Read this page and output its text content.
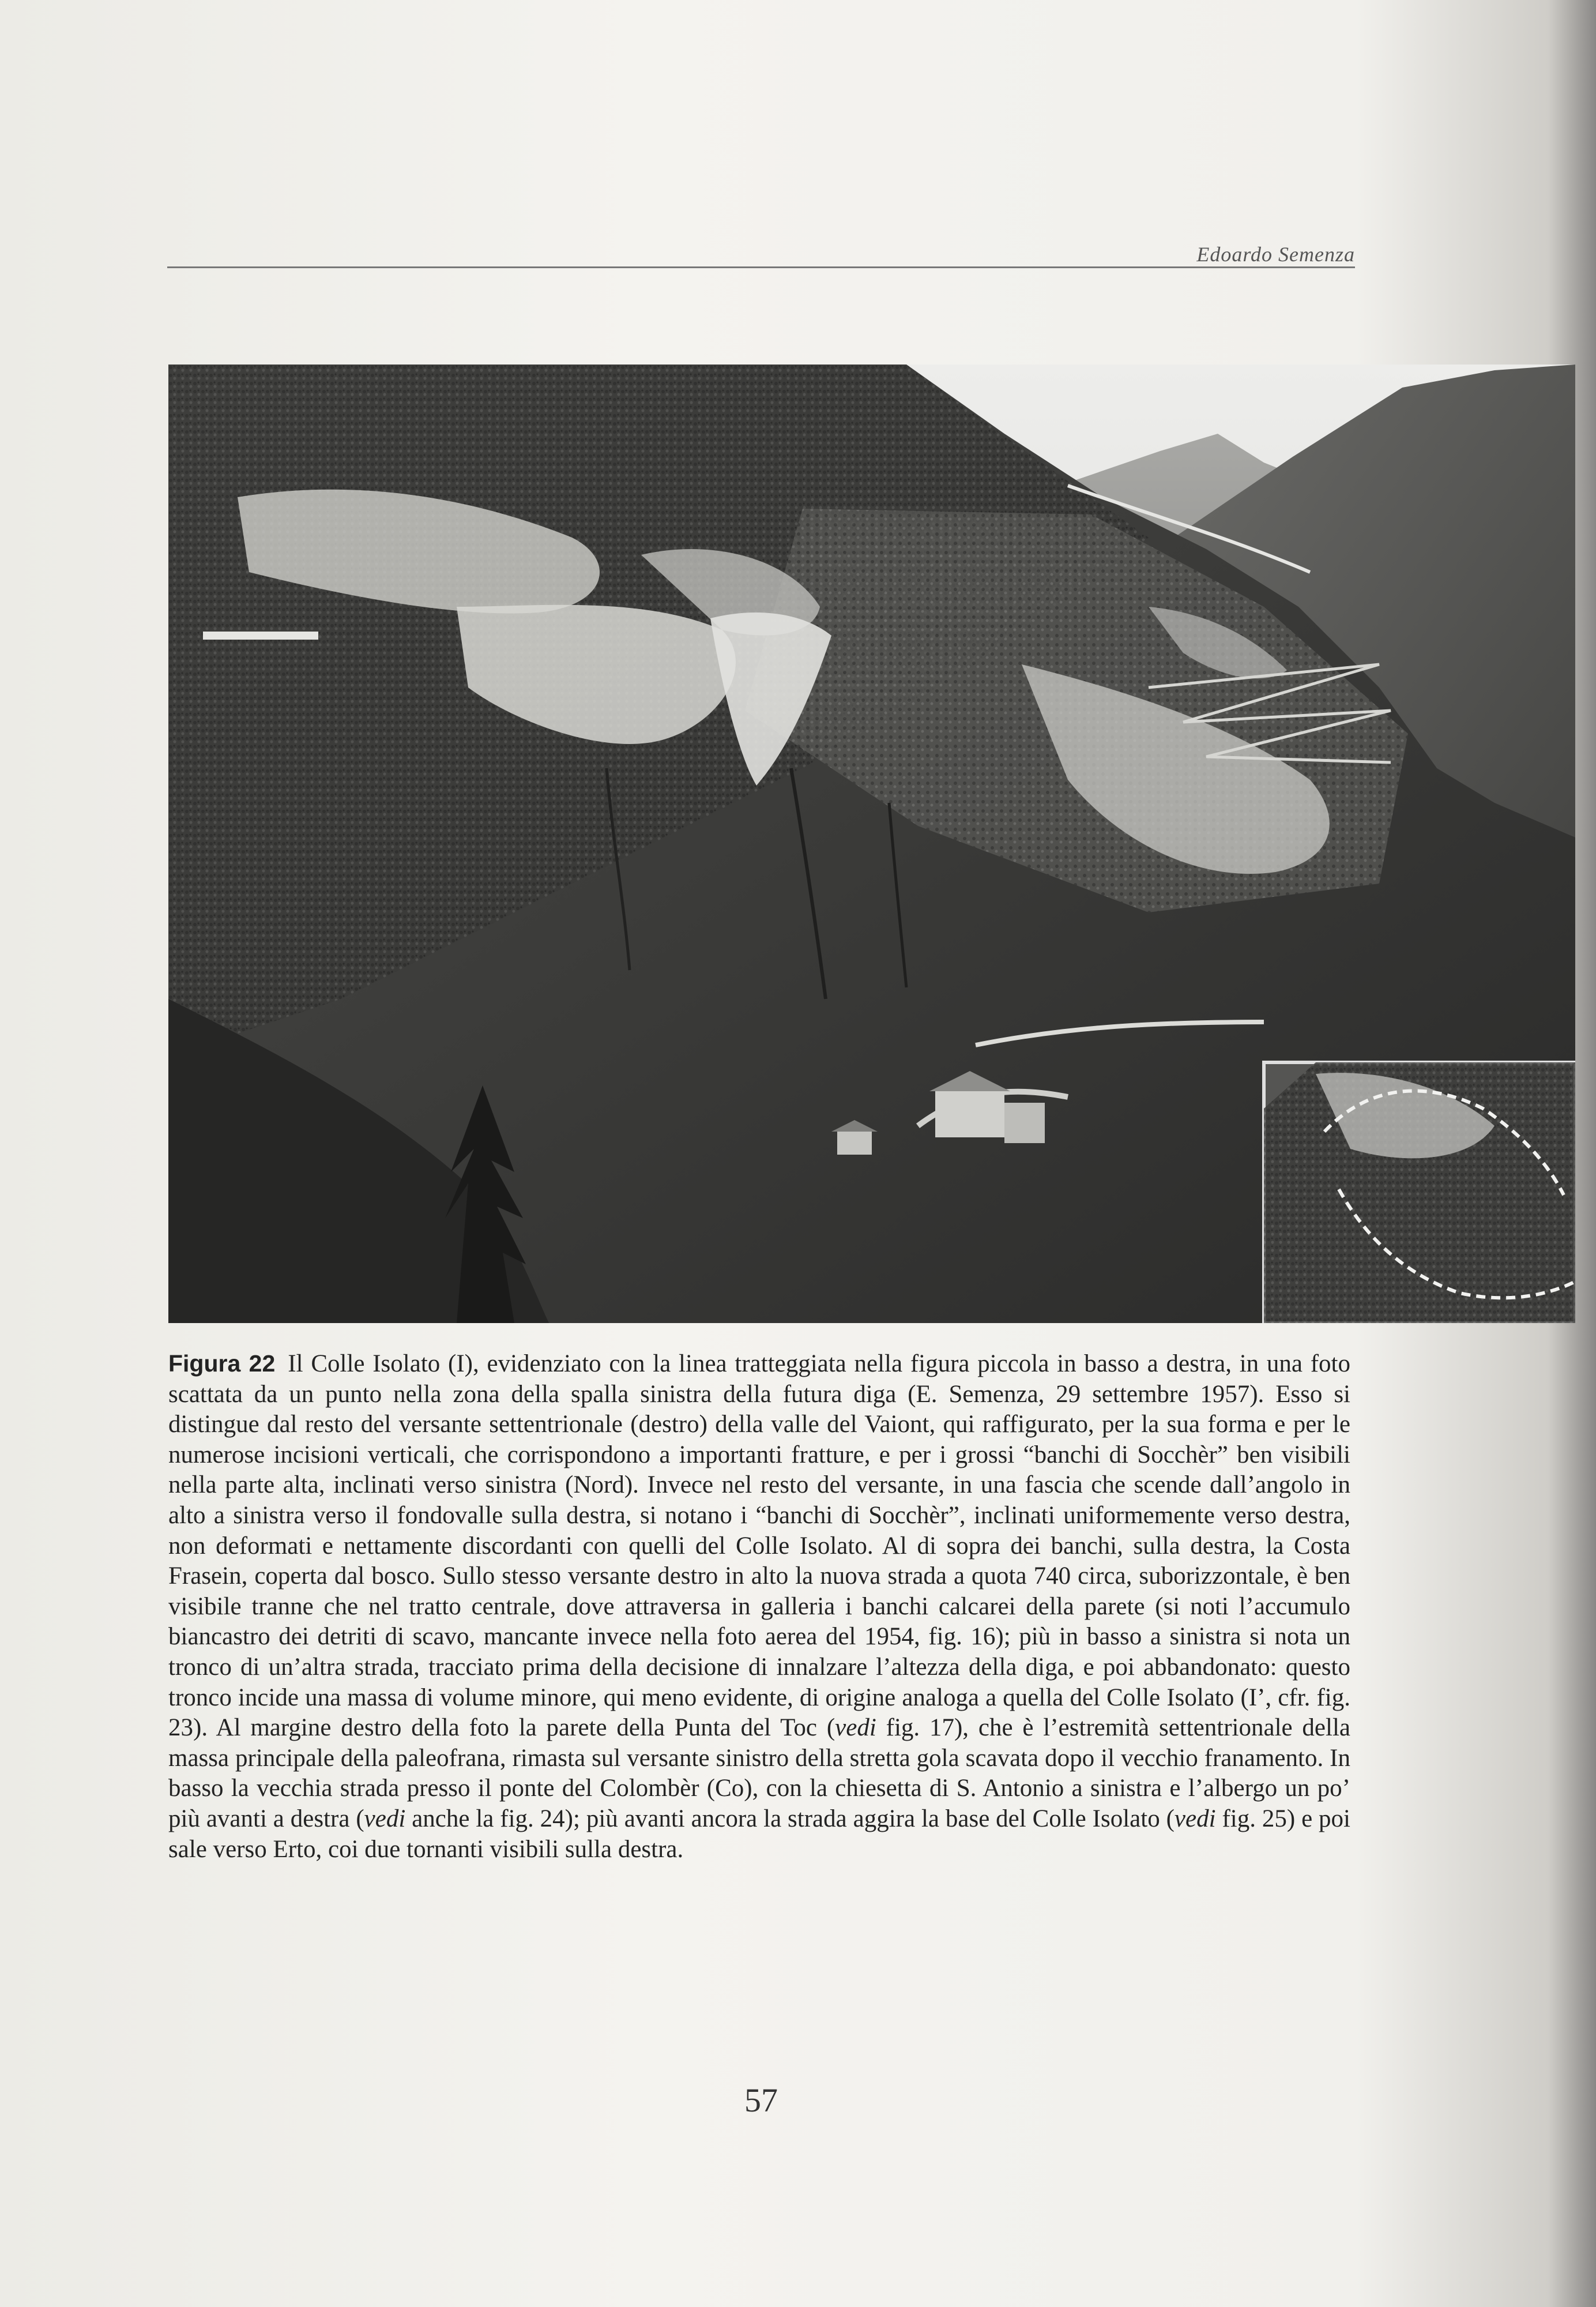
Edoardo Semenza
Figura 22 Il Colle Isolato (I), evidenziato con la linea tratteggiata nella figura piccola in basso a destra, in una foto scattata da un punto nella zona della spalla sinistra della futura diga (E. Semenza, 29 settembre 1957). Esso si distingue dal resto del versante settentrionale (destro) della valle del Vaiont, qui raffigurato, per la sua forma e per le numerose incisioni verticali, che corrispondono a importanti fratture, e per i grossi “banchi di Socchèr” ben visibili nella parte alta, inclinati verso sinistra (Nord). Invece nel resto del versante, in una fascia che scende dall’angolo in alto a sinistra verso il fondovalle sulla destra, si notano i “banchi di Socchèr”, inclinati uniformemente verso destra, non deformati e nettamente discordanti con quelli del Colle Isolato. Al di sopra dei banchi, sulla destra, la Costa Frasein, coperta dal bosco. Sullo stesso versante destro in alto la nuova strada a quota 740 circa, suborizzontale, è ben visibile tranne che nel tratto centrale, dove attraversa in galleria i banchi calcarei della parete (si noti l’accumulo biancastro dei detriti di scavo, mancante invece nella foto aerea del 1954, fig. 16); più in basso a sinistra si nota un tronco di un’altra strada, tracciato prima della decisione di innalzare l’altezza della diga, e poi abbandonato: questo tronco incide una massa di volume minore, qui meno evidente, di origine analoga a quella del Colle Isolato (I’, cfr. fig. 23). Al margine destro della foto la parete della Punta del Toc (vedi fig. 17), che è l’estremità settentrionale della massa principale della paleofrana, rimasta sul versante sinistro della stretta gola scavata dopo il vecchio franamento. In basso la vecchia strada presso il ponte del Colombèr (Co), con la chiesetta di S. Antonio a sinistra e l’albergo un po’ più avanti a destra (vedi anche la fig. 24); più avanti ancora la strada aggira la base del Colle Isolato (vedi fig. 25) e poi sale verso Erto, coi due tornanti visibili sulla destra.
57
